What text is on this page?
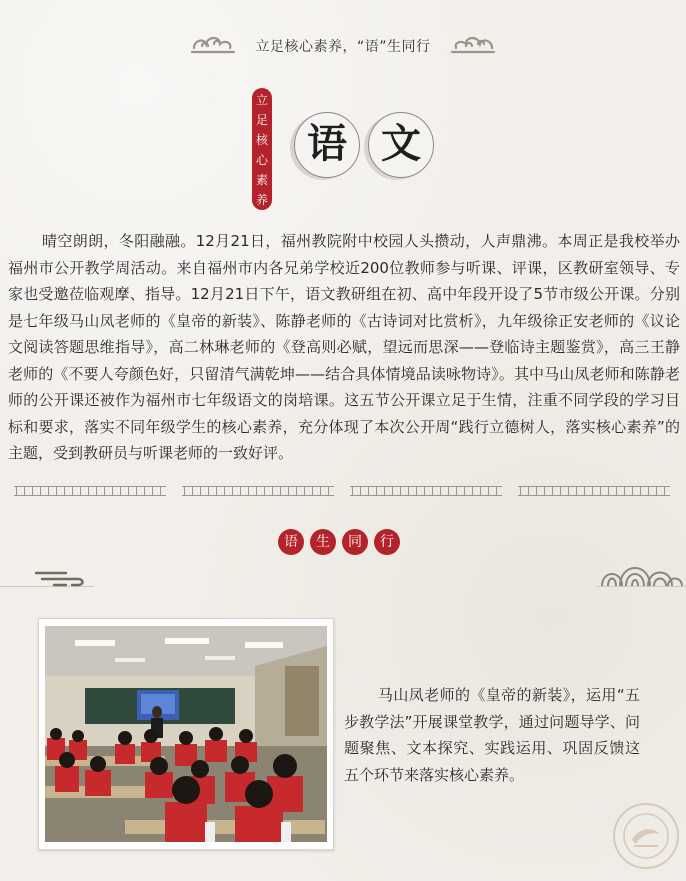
立足核心素养，“语”生同行
立
足
核
心
素
养
语 文

晴空朗朗，冬阳融融。12月21日，福州教院附中校园人头攒动，人声鼎沸。本周正是我校举办福州市公开教学周活动。来自福州市内各兄弟学校近200位教师参与听课、评课，区教研室领导、专家也受邀莅临观摩、指导。12月21日下午，语文教研组在初、高中年段开设了5节市级公开课。分别是七年级马山凤老师的《皇帝的新装》、陈静老师的《古诗词对比赏析》，九年级徐正安老师的《议论文阅读答题思维指导》，高二林琳老师的《登高则必赋，望远而思深——登临诗主题鉴赏》，高三王静老师的《不要人夸颜色好，只留清气满乾坤——结合具体情境品读咏物诗》。其中马山凤老师和陈静老师的公开课还被作为福州市七年级语文的岗培课。这五节公开课立足于生情，注重不同学段的学习目标和要求，落实不同年级学生的核心素养，充分体现了本次公开周“践行立德树人，落实核心素养”的主题，受到教研员与听课老师的一致好评。

语	生	同	行

马山凤老师的《皇帝的新装》，运用“五步教学法”开展课堂教学，通过问题导学、问题聚焦、文本探究、实践运用、巩固反馈这五个环节来落实核心素养。
